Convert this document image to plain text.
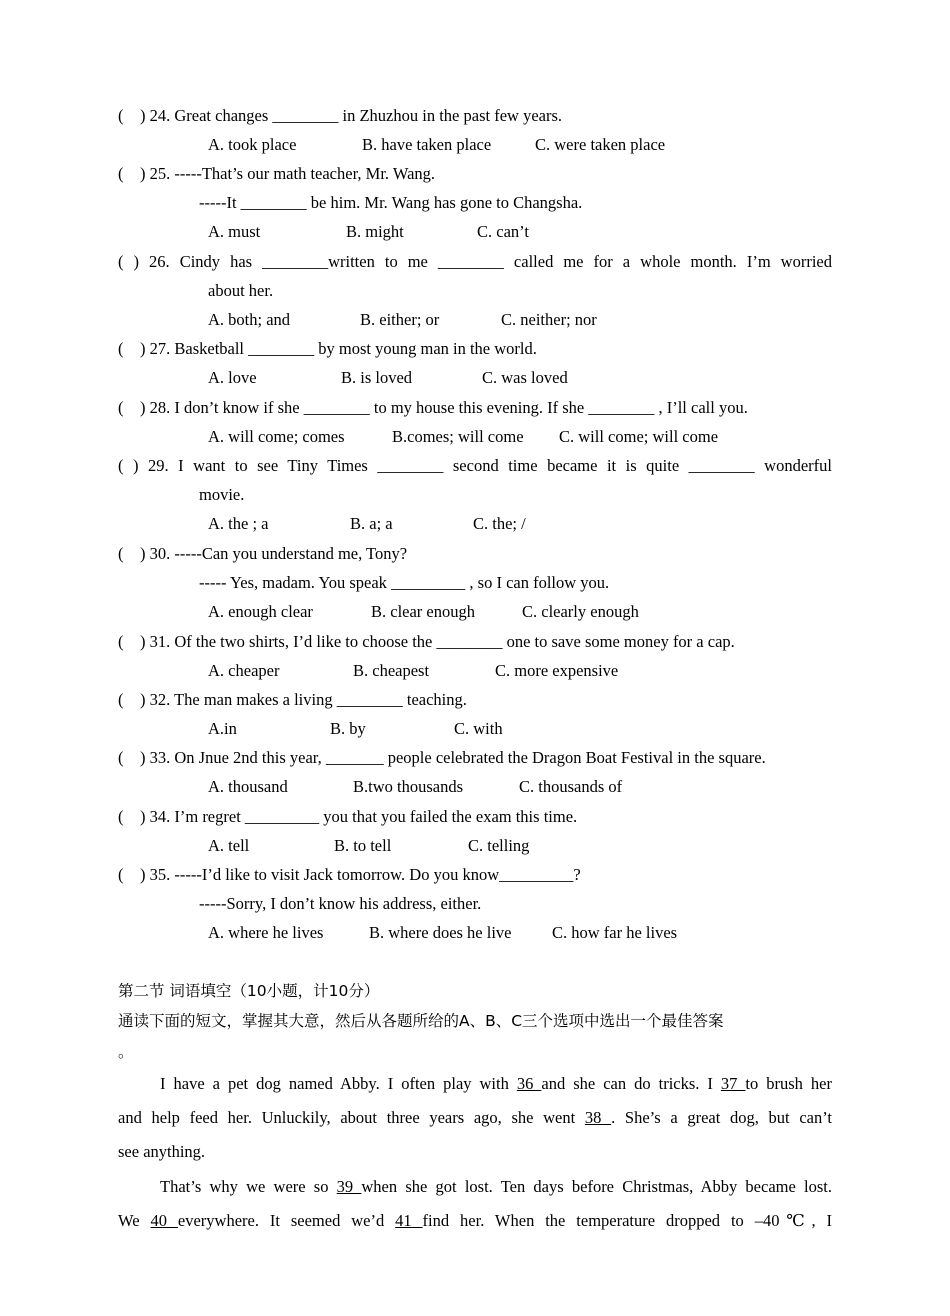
(    ) 24. Great changes ________ in Zhuzhou in the past few years.
A. took place	B. have taken place	C. were taken place
(    ) 25. -----That’s our math teacher, Mr. Wang.
-----It ________ be him. Mr. Wang has gone to Changsha.
A. must	B. might	C. can’t
( ) 26. Cindy has ________written to me ________ called me for a whole month. I’m worried
about her.
A. both; and	B. either; or	C. neither; nor
(    ) 27. Basketball ________ by most young man in the world.
A. love	B. is loved	C. was loved
(    ) 28. I don’t know if she ________ to my house this evening. If she ________ , I’ll call you.
A. will come; comes	B.comes; will come C. will come; will come
( ) 29. I want to see Tiny Times ________ second time became it is quite ________ wonderful
movie.
A. the ; a	B. a; a	C. the; /
(    ) 30. -----Can you understand me, Tony?
----- Yes, madam. You speak _________ , so I can follow you.
A. enough clear	B. clear enough	C. clearly enough
(    ) 31. Of the two shirts, I’d like to choose the ________ one to save some money for a cap.
A. cheaper	B. cheapest	C. more expensive
(    ) 32. The man makes a living ________ teaching.
A.in	B. by	C. with
(    ) 33. On Jnue 2nd this year, _______ people celebrated the Dragon Boat Festival in the square.
A. thousand	B.two thousands	C. thousands of
(    ) 34. I’m regret _________ you that you failed the exam this time.
A. tell	B. to tell	C. telling
(    ) 35. -----I’d like to visit Jack tomorrow. Do you know_________?
-----Sorry, I don’t know his address, either.
A. where he lives	B. where does he live C. how far he lives
第二节 词语填空（10小题，计10分）
通读下面的短文，掌握其大意，然后从各题所给的A、B、C三个选项中选出一个最佳答案
。
I have a pet dog named Abby. I often play with 36 and she can do tricks. I 37 to brush her
and help feed her. Unluckily, about three years ago, she went 38 . She’s a great dog, but can’t
see anything.
That’s why we were so 39 when she got lost. Ten days before Christmas, Abby became lost.
We 40 everywhere. It seemed we’d 41 find her. When the temperature dropped to –40℃, I
